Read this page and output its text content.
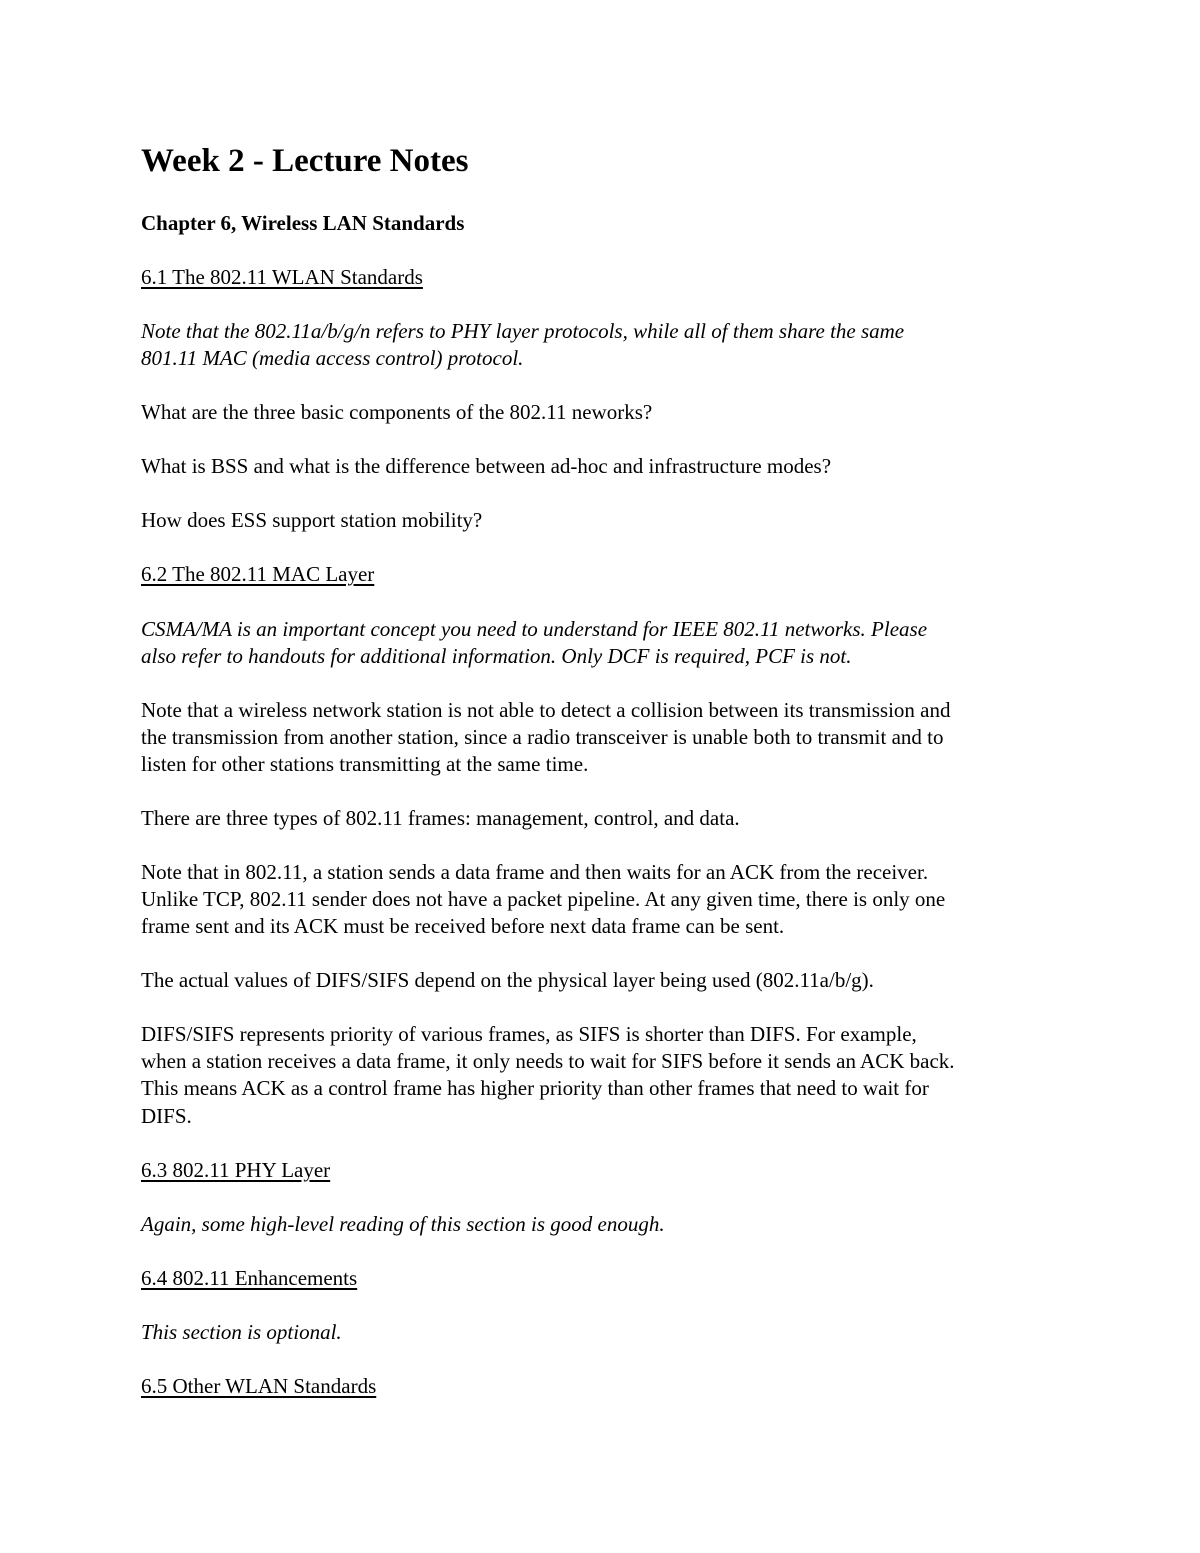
Week 2 - Lecture Notes

Chapter 6, Wireless LAN Standards

6.1 The 802.11 WLAN Standards

Note that the 802.11a/b/g/n refers to PHY layer protocols, while all of them share the same
801.11 MAC (media access control) protocol.

What are the three basic components of the 802.11 neworks?

What is BSS and what is the difference between ad-hoc and infrastructure modes?

How does ESS support station mobility?

6.2 The 802.11 MAC Layer

CSMA/MA is an important concept you need to understand for IEEE 802.11 networks. Please
also refer to handouts for additional information. Only DCF is required, PCF is not.

Note that a wireless network station is not able to detect a collision between its transmission and
the transmission from another station, since a radio transceiver is unable both to transmit and to
listen for other stations transmitting at the same time.

There are three types of 802.11 frames: management, control, and data.

Note that in 802.11, a station sends a data frame and then waits for an ACK from the receiver.
Unlike TCP, 802.11 sender does not have a packet pipeline. At any given time, there is only one
frame sent and its ACK must be received before next data frame can be sent.

The actual values of DIFS/SIFS depend on the physical layer being used (802.11a/b/g).

DIFS/SIFS represents priority of various frames, as SIFS is shorter than DIFS. For example,
when a station receives a data frame, it only needs to wait for SIFS before it sends an ACK back.
This means ACK as a control frame has higher priority than other frames that need to wait for
DIFS.

6.3 802.11 PHY Layer

Again, some high-level reading of this section is good enough.

6.4 802.11 Enhancements

This section is optional.

6.5 Other WLAN Standards
